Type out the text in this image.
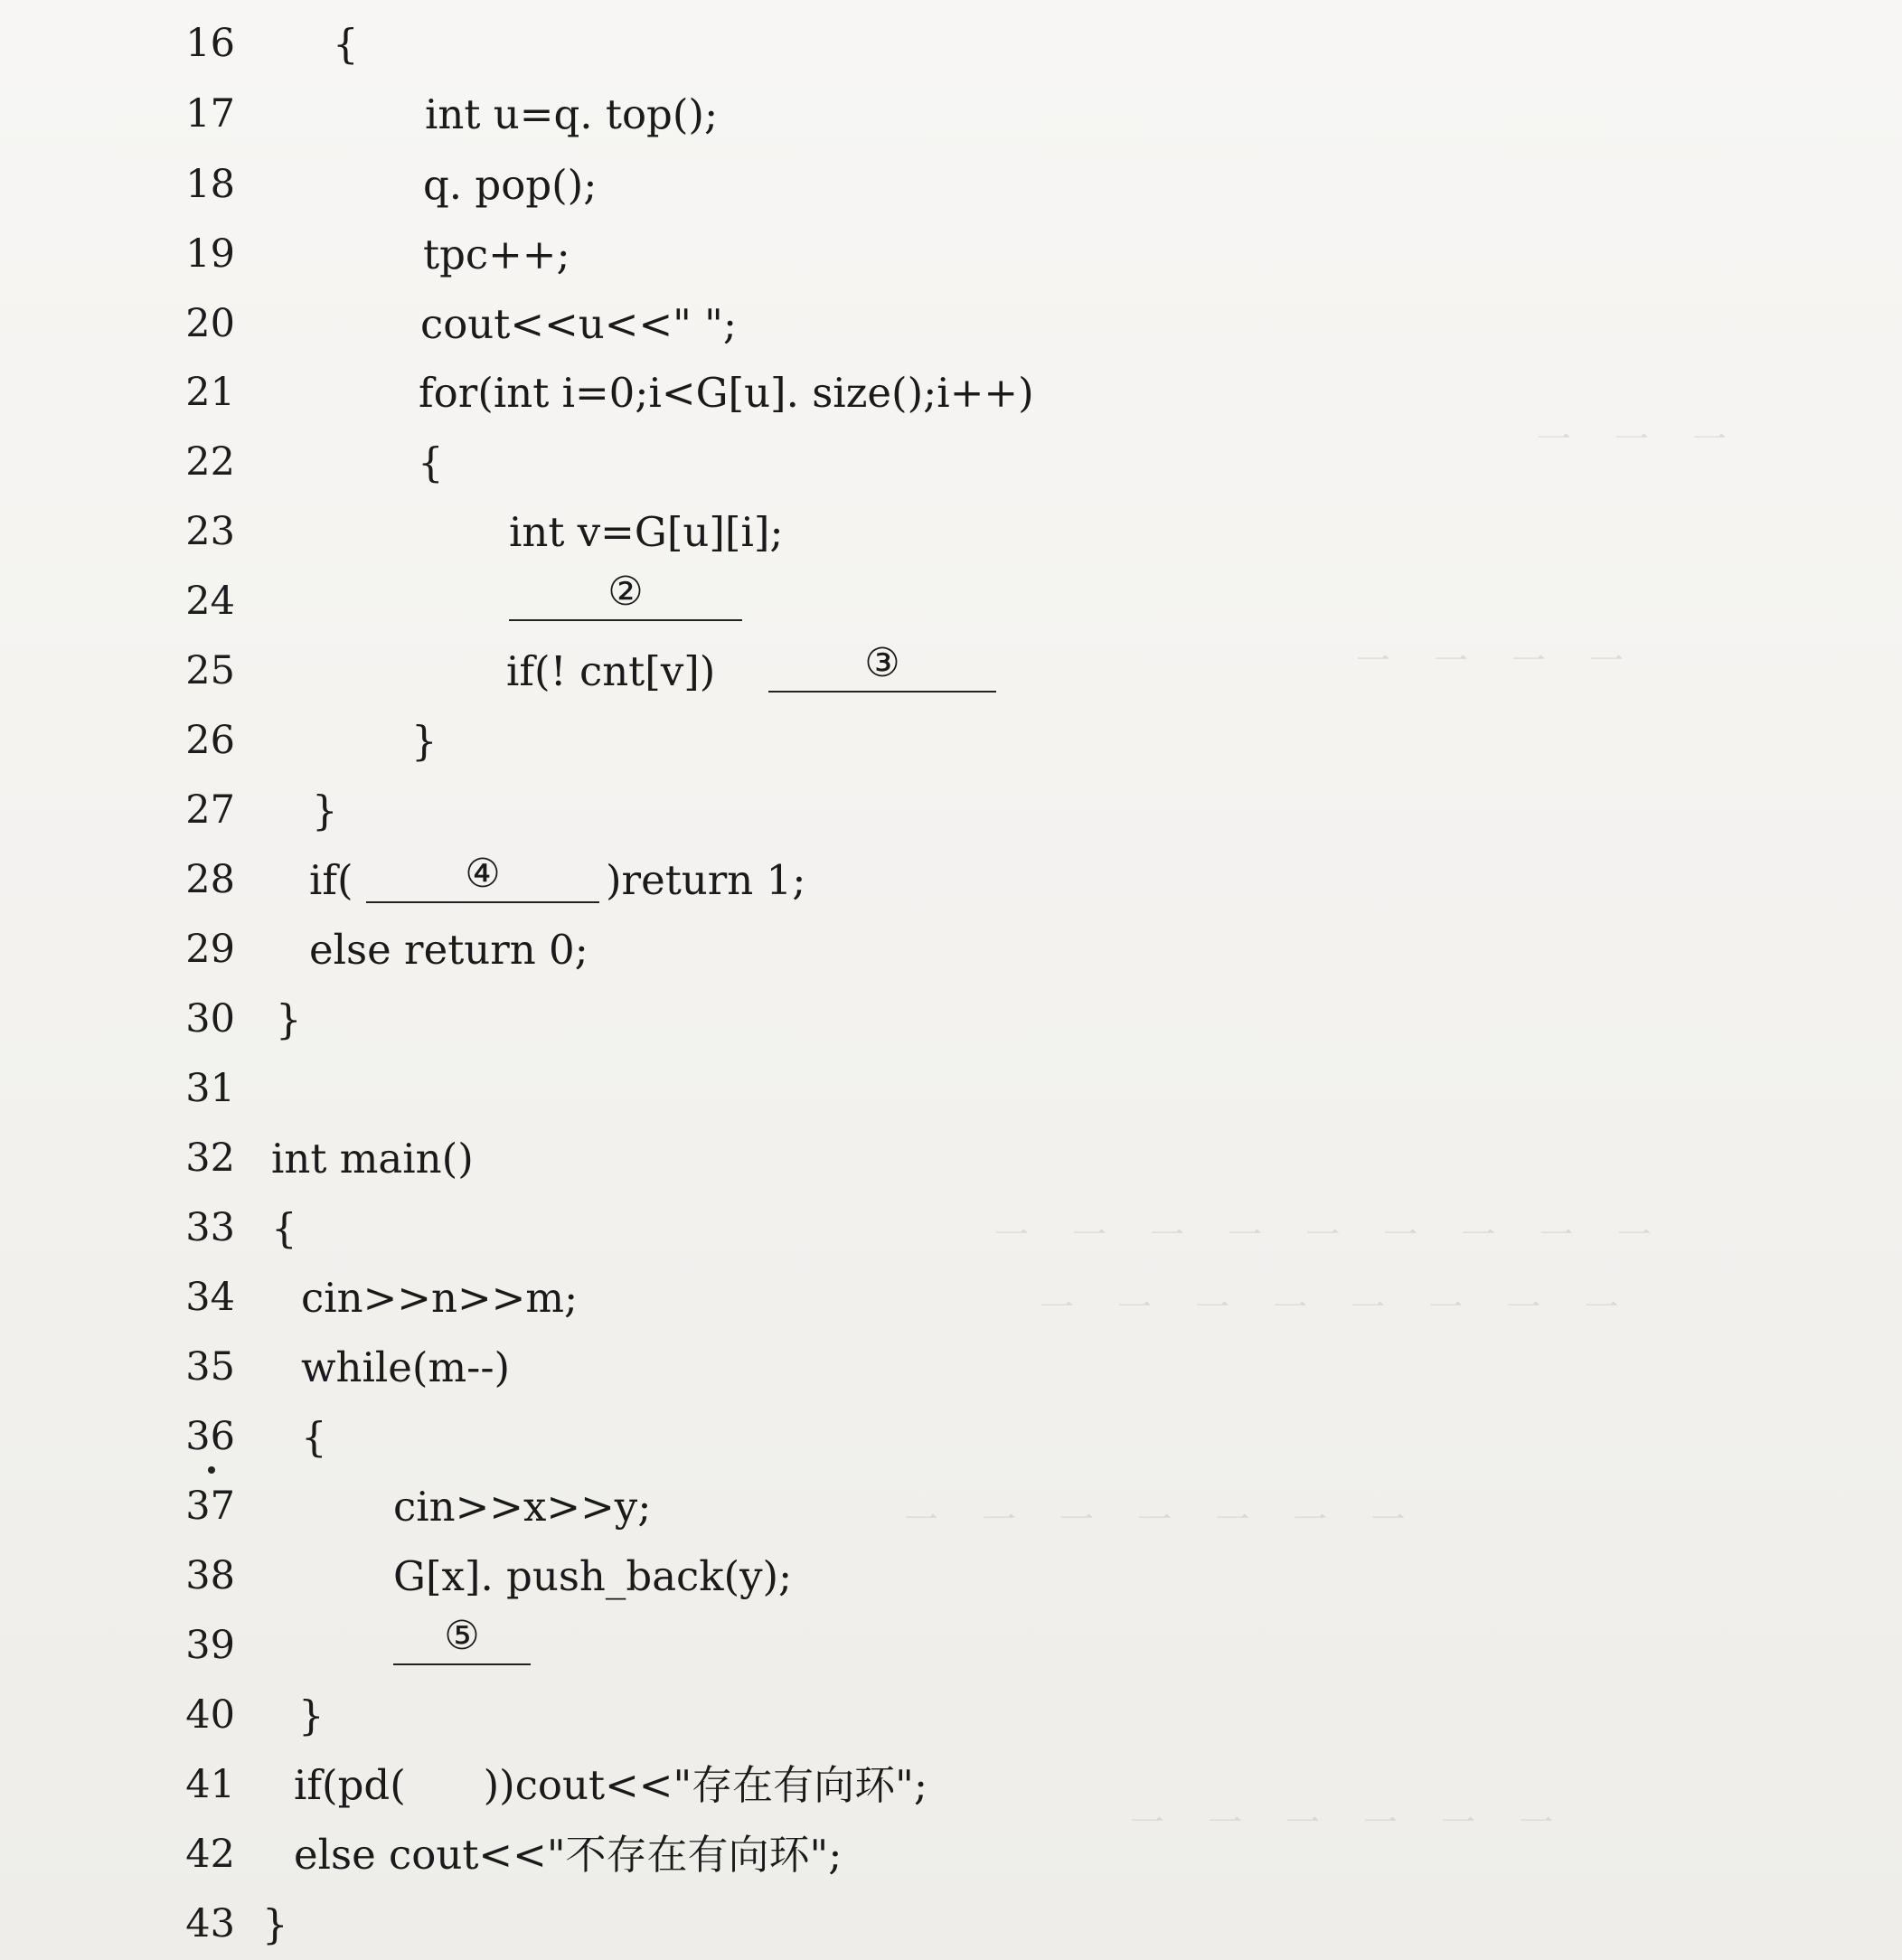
一 一 一
一 一 一 一
一 一 一 一 一 一 一 一 一
一 一 一 一 一 一 一 一
一 一 一 一 一 一 一
一 一 一 一 一 一
16 {
17	int u=q. top();
18	q. pop();
19	tpc++;
20	cout<<u<<" ";
21	for(int i=0;i<G[u]. size();i++)
22	{
23	int v=G[u][i];
24	②
25	if(! cnt[v])	③
26	}
27 }
28 if(	④	)return 1;
29 else return 0;
30 }
31
32 int main()
33 {
34 cin>>n>>m;
35 while(m--)
36 {
37	cin>>x>>y;
38	G[x]. push_back(y);
39	⑤
40 }
41 if(pd(      ))cout<<"存在有向环";
42 else cout<<"不存在有向环";
43 }
